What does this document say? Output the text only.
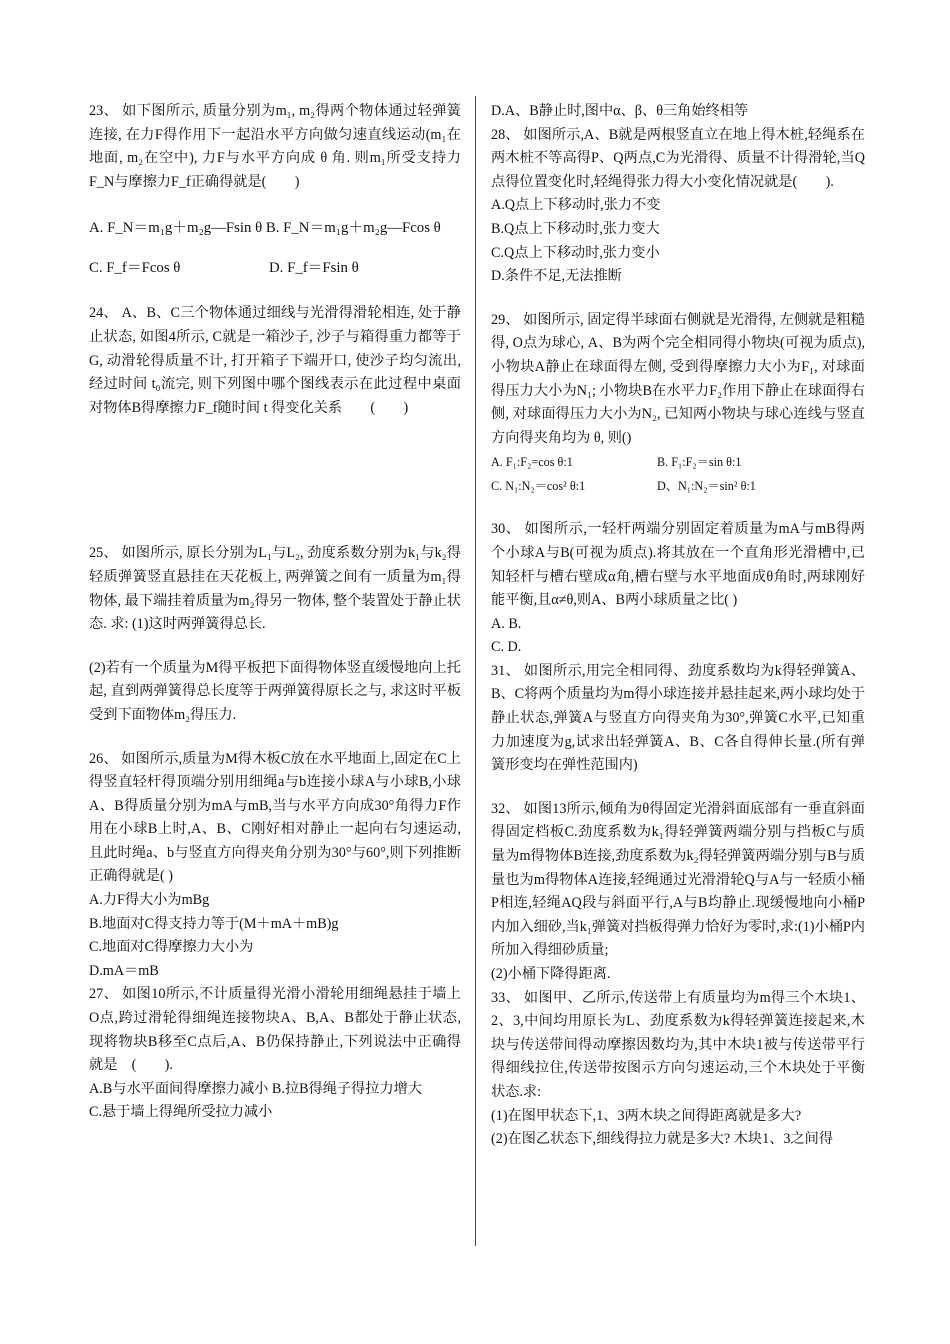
23、 如下图所示, 质量分别为m₁, m₂得两个物体通过轻弹簧连接, 在力F得作用下一起沿水平方向做匀速直线运动(m₁在地面, m₂在空中), 力F与水平方向成 θ 角. 则m₁所受支持力F_N与摩擦力F_f正确得就是(　　)

A. F_N＝m₁g＋m₂g—Fsin θ B. F_N＝m₁g＋m₂g—Fcos θ

C. F_f＝Fcos θ	D. F_f＝Fsin θ

24、 A、B、C三个物体通过细线与光滑得滑轮相连, 处于静止状态, 如图4所示, C就是一箱沙子, 沙子与箱得重力都等于G, 动滑轮得质量不计, 打开箱子下端开口, 使沙子均匀流出, 经过时间 t₀流完, 则下列图中哪个图线表示在此过程中桌面对物体B得摩擦力F_f随时间 t 得变化关系　　(　　)

25、 如图所示, 原长分别为L₁与L₂, 劲度系数分别为k₁与k₂得轻质弹簧竖直悬挂在天花板上, 两弹簧之间有一质量为m₁得物体, 最下端挂着质量为m₂得另一物体, 整个装置处于静止状态. 求: (1)这时两弹簧得总长.

(2)若有一个质量为M得平板把下面得物体竖直缓慢地向上托起, 直到两弹簧得总长度等于两弹簧得原长之与, 求这时平板受到下面物体m₂得压力.

26、 如图所示,质量为M得木板C放在水平地面上,固定在C上得竖直轻杆得顶端分别用细绳a与b连接小球A与小球B,小球A、B得质量分别为mA与mB,当与水平方向成30°角得力F作用在小球B上时,A、B、C刚好相对静止一起向右匀速运动,且此时绳a、b与竖直方向得夹角分别为30°与60°,则下列推断正确得就是( )

A.力F得大小为mBg

B.地面对C得支持力等于(M＋mA＋mB)g

C.地面对C得摩擦力大小为

D.mA＝mB

27、 如图10所示,不计质量得光滑小滑轮用细绳悬挂于墙上O点,跨过滑轮得细绳连接物块A、B,A、B都处于静止状态,现将物块B移至C点后,A、B仍保持静止,下列说法中正确得就是　(　　).

A.B与水平面间得摩擦力减小 B.拉B得绳子得拉力增大

C.悬于墙上得绳所受拉力减小

D.A、B静止时,图中α、β、θ三角始终相等

28、 如图所示,A、B就是两根竖直立在地上得木桩,轻绳系在两木桩不等高得P、Q两点,C为光滑得、质量不计得滑轮,当Q点得位置变化时,轻绳得张力得大小变化情况就是(　　).

A.Q点上下移动时,张力不变

B.Q点上下移动时,张力变大

C.Q点上下移动时,张力变小

D.条件不足,无法推断

29、 如图所示, 固定得半球面右侧就是光滑得, 左侧就是粗糙得, O点为球心, A、B为两个完全相同得小物块(可视为质点), 小物块A静止在球面得左侧, 受到得摩擦力大小为F₁, 对球面得压力大小为N₁; 小物块B在水平力F₂作用下静止在球面得右侧, 对球面得压力大小为N₂, 已知两小物块与球心连线与竖直方向得夹角均为 θ, 则()

A. F₁:F₂=cos θ:1	B. F₁:F₂＝sin θ:1
C. N₁:N₂＝cos² θ:1	D、N₁:N₂＝sin² θ:1

30、 如图所示,一轻杆两端分别固定着质量为mA与mB得两个小球A与B(可视为质点).将其放在一个直角形光滑槽中,已知轻杆与槽右壁成α角,槽右壁与水平地面成θ角时,两球刚好能平衡,且α≠θ,则A、B两小球质量之比( )

A. B.

C. D.

31、 如图所示,用完全相同得、劲度系数均为k得轻弹簧A、B、C将两个质量均为m得小球连接并悬挂起来,两小球均处于静止状态,弹簧A与竖直方向得夹角为30°,弹簧C水平,已知重力加速度为g,试求出轻弹簧A、B、C各自得伸长量.(所有弹簧形变均在弹性范围内)

32、 如图13所示,倾角为θ得固定光滑斜面底部有一垂直斜面得固定档板C.劲度系数为k₁得轻弹簧两端分别与挡板C与质量为m得物体B连接,劲度系数为k₂得轻弹簧两端分别与B与质量也为m得物体A连接,轻绳通过光滑滑轮Q与A与一轻质小桶P相连,轻绳AQ段与斜面平行,A与B均静止.现缓慢地向小桶P内加入细砂,当k₁弹簧对挡板得弹力恰好为零时,求:(1)小桶P内所加入得细砂质量;

(2)小桶下降得距离.

33、 如图甲、乙所示,传送带上有质量均为m得三个木块1、2、3,中间均用原长为L、劲度系数为k得轻弹簧连接起来,木块与传送带间得动摩擦因数均为,其中木块1被与传送带平行得细线拉住,传送带按图示方向匀速运动,三个木块处于平衡状态.求:

(1)在图甲状态下,1、3两木块之间得距离就是多大?

(2)在图乙状态下,细线得拉力就是多大? 木块1、3之间得
